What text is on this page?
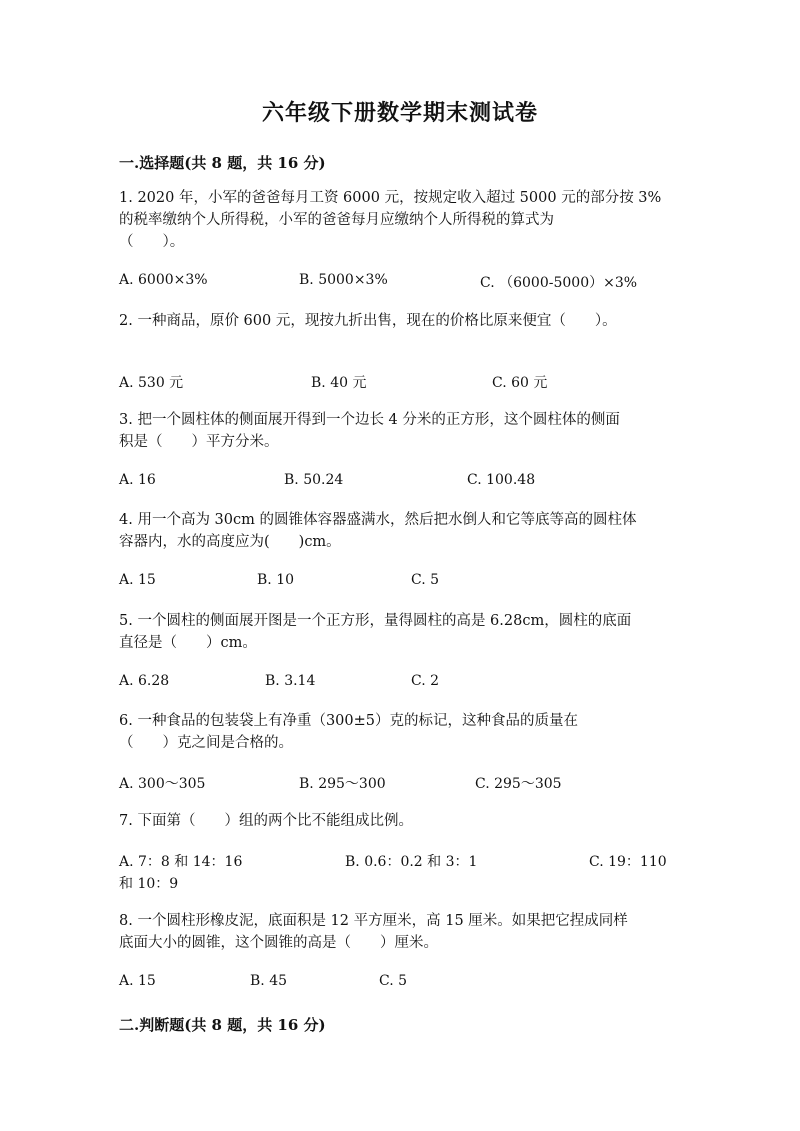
六年级下册数学期末测试卷
一.选择题(共 8 题，共 16 分)
1. 2020 年，小军的爸爸每月工资 6000 元，按规定收入超过 5000 元的部分按 3%
的税率缴纳个人所得税，小军的爸爸每月应缴纳个人所得税的算式为
（　　）。
A. 6000×3%	B. 5000×3%	C. （6000-5000）×3%
2. 一种商品，原价 600 元，现按九折出售，现在的价格比原来便宜（　　）。
A. 530 元	B. 40 元	C. 60 元
3. 把一个圆柱体的侧面展开得到一个边长 4 分米的正方形，这个圆柱体的侧面
积是（　　）平方分米。
A. 16	B. 50.24	C. 100.48
4. 用一个高为 30cm 的圆锥体容器盛满水，然后把水倒人和它等底等高的圆柱体
容器内，水的高度应为(　　)cm。
A. 15	B. 10	C. 5
5. 一个圆柱的侧面展开图是一个正方形，量得圆柱的高是 6.28cm，圆柱的底面
直径是（　　）cm。
A. 6.28	B. 3.14	C. 2
6. 一种食品的包装袋上有净重（300±5）克的标记，这种食品的质量在
（　　）克之间是合格的。
A. 300～305	B. 295～300	C. 295～305
7. 下面第（　　）组的两个比不能组成比例。
A. 7：8 和 14：16	B. 0.6：0.2 和 3：1	C. 19：110
和 10：9
8. 一个圆柱形橡皮泥，底面积是 12 平方厘米，高 15 厘米。如果把它捏成同样
底面大小的圆锥，这个圆锥的高是（　　）厘米。
A. 15	B. 45	C. 5
二.判断题(共 8 题，共 16 分)
